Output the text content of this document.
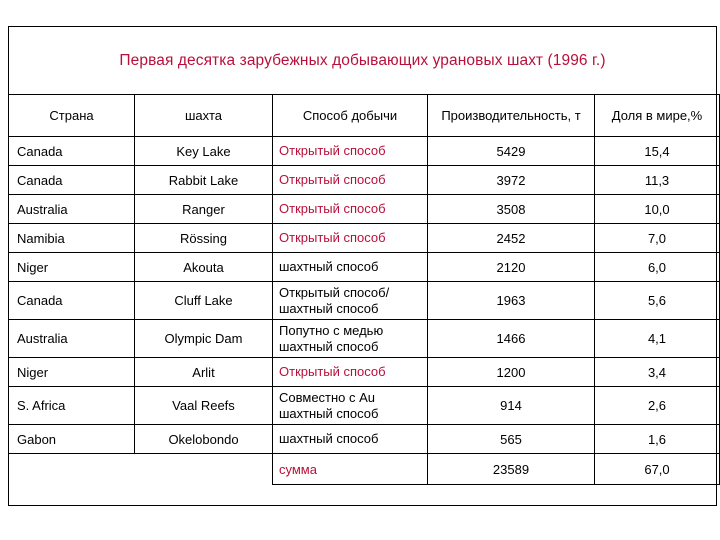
Первая десятка зарубежных добывающих урановых шахт (1996 г.)
Страна	шахта	Способ добычи	Производительность, т	Доля в мире,%
Canada	Key Lake	Открытый способ	5429	15,4
Canada	Rabbit Lake	Открытый способ	3972	11,3
Australia	Ranger	Открытый способ	3508	10,0
Namibia	Rössing	Открытый способ	2452	7,0
Niger	Akouta	шахтный способ	2120	6,0
Canada	Cluff Lake	Открытый способ/
шахтный способ	1963	5,6
Australia	Olympic Dam	Попутно с медью
шахтный способ	1466	4,1
Niger	Arlit	Открытый способ	1200	3,4
S. Africa	Vaal Reefs	Совместно с Au
шахтный способ	914	2,6
Gabon	Okelobondo	шахтный способ	565	1,6
		сумма	23589	67,0
